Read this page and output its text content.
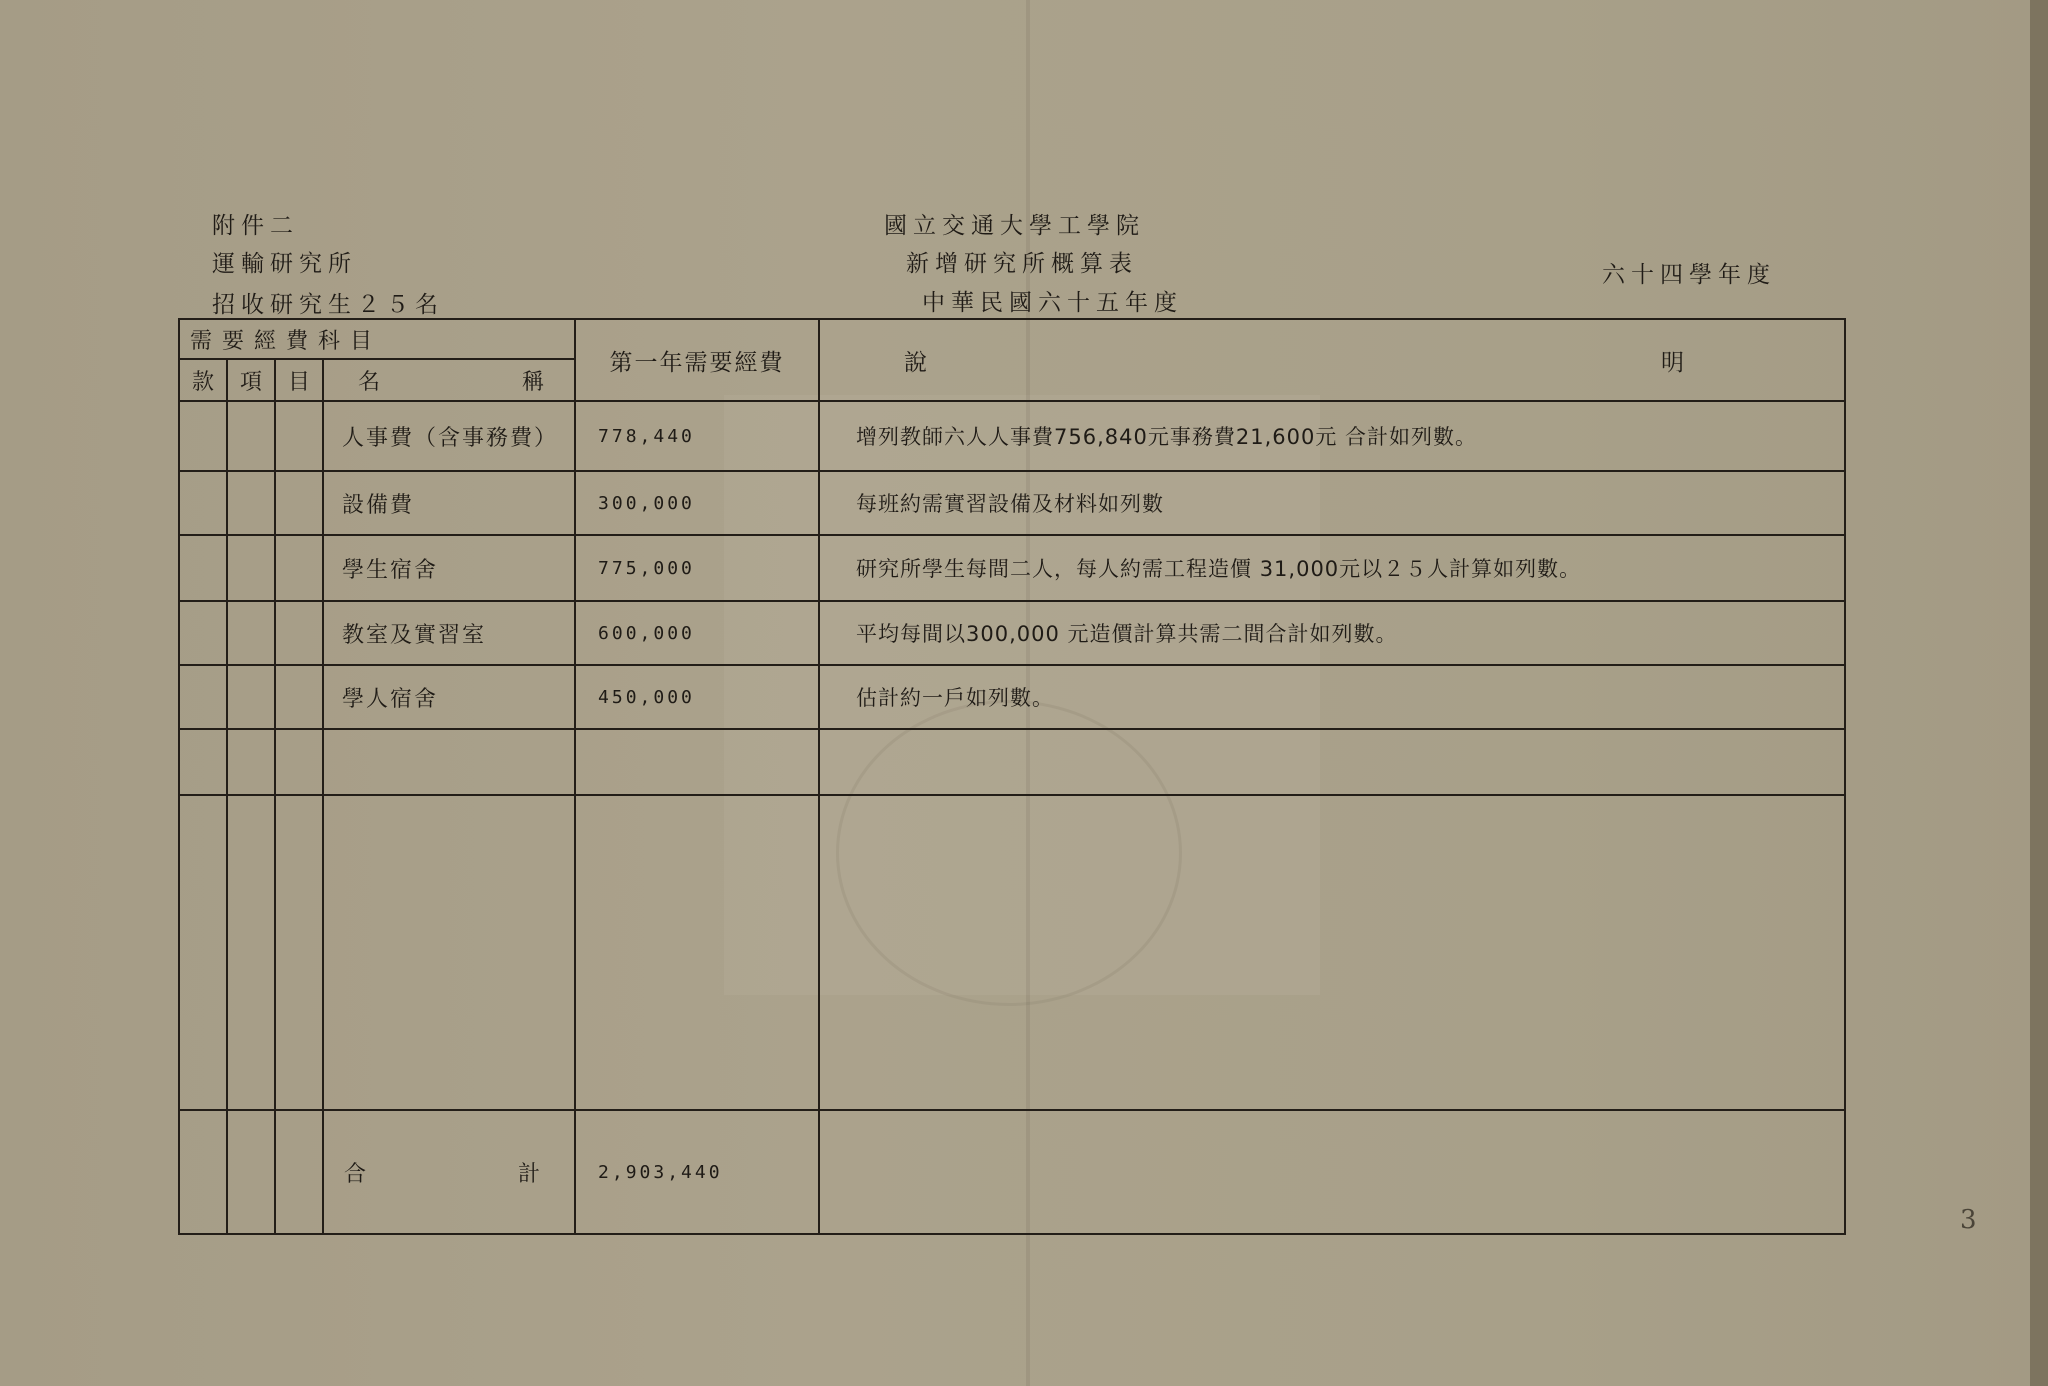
附件二
運輸研究所
招收研究生２５名
國立交通大學工學院
新增研究所概算表
中華民國六十五年度
六十四學年度
需要經費科目				第一年需要經費	說 明

款	項	目	名 稱		

			人事費（含事務費）	778,440	增列教師六人人事費756,840元事務費21,600元 合計如列數。
			設備費	300,000	每班約需實習設備及材料如列數
			學生宿舍	775,000	研究所學生每間二人，每人約需工程造價 31,000元以２５人計算如列數。
			教室及實習室	600,000	平均每間以300,000 元造價計算共需二間合計如列數。
			學人宿舍	450,000	估計約一戶如列數。

			合 計	2,903,440	
3
